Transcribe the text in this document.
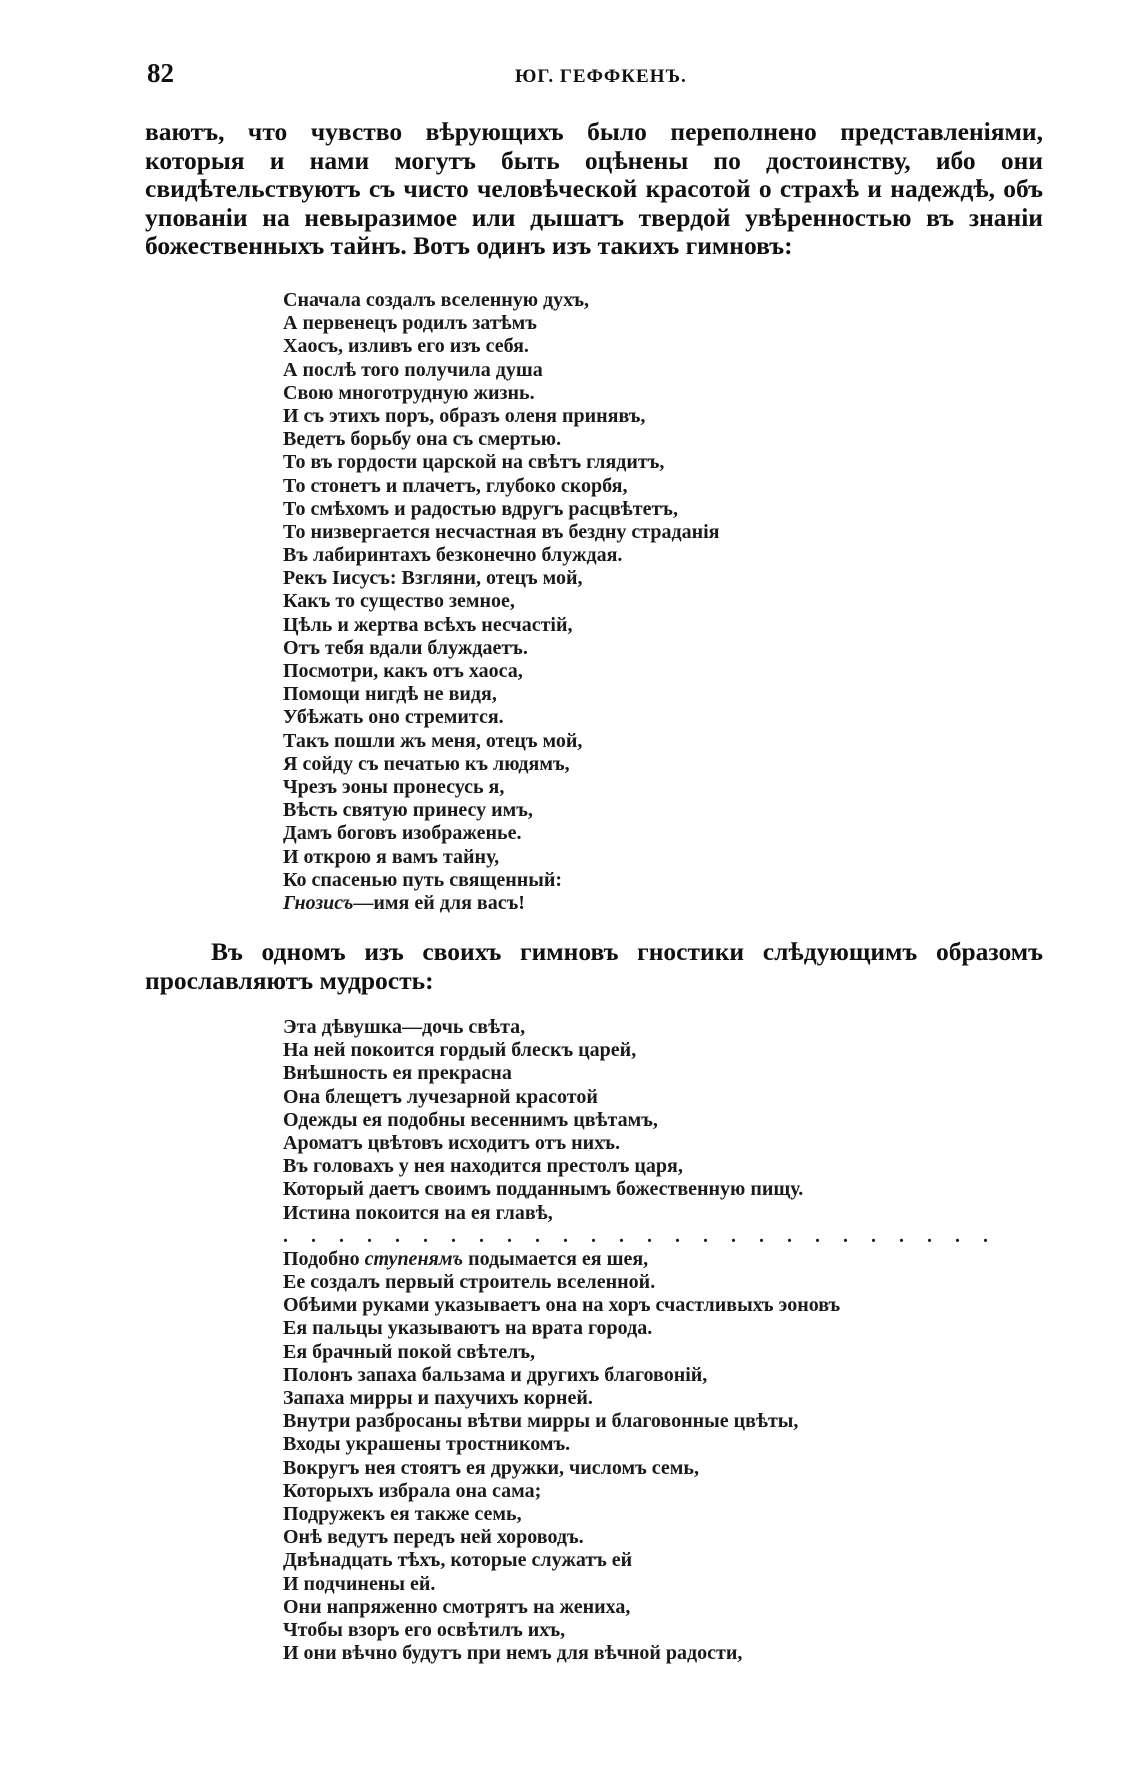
82	ЮГ. ГЕФФКЕНЪ.

ваютъ, что чувство вѣрующихъ было переполнено представленіями, которыя и нами могутъ быть оцѣнены по достоинству, ибо они свидѣтельствуютъ съ чисто человѣческой красотой о страхѣ и надеждѣ, объ упованіи на невыразимое или дышатъ твердой увѣренностью въ знаніи божественныхъ тайнъ. Вотъ одинъ изъ такихъ гимновъ:

Сначала создалъ вселенную духъ,
А первенецъ родилъ затѣмъ
Хаосъ, изливъ его изъ себя.
А послѣ того получила душа
Свою многотрудную жизнь.
И съ этихъ поръ, образъ оленя принявъ,
Ведетъ борьбу она съ смертью.
То въ гордости царской на свѣтъ глядитъ,
То стонетъ и плачетъ, глубоко скорбя,
То смѣхомъ и радостью вдругъ расцвѣтетъ,
То низвергается несчастная въ бездну страданія
Въ лабиринтахъ безконечно блуждая.
Рекъ Іисусъ: Взгляни, отецъ мой,
Какъ то существо земное,
Цѣль и жертва всѣхъ несчастій,
Отъ тебя вдали блуждаетъ.
Посмотри, какъ отъ хаоса,
Помощи нигдѣ не видя,
Убѣжать оно стремится.
Такъ пошли жъ меня, отецъ мой,
Я сойду съ печатью къ людямъ,
Чрезъ эоны пронесусь я,
Вѣсть святую принесу имъ,
Дамъ боговъ изображенье.
И открою я вамъ тайну,
Ко спасенью путь священный:
Гнозисъ—имя ей для васъ!

Въ одномъ изъ своихъ гимновъ гностики слѣдующимъ образомъ прославляютъ мудрость:

Эта дѣвушка—дочь свѣта,
На ней покоится гордый блескъ царей,
Внѣшность ея прекрасна
Она блещетъ лучезарной красотой
Одежды ея подобны весеннимъ цвѣтамъ,
Ароматъ цвѣтовъ исходитъ отъ нихъ.
Въ головахъ у нея находится престолъ царя,
Который даетъ своимъ подданнымъ божественную пищу.
Истина покоится на ея главѣ,
. . . . . . . . . . . . . . . . . . . . . . . . . .
Подобно ступенямъ подымается ея шея,
Ее создалъ первый строитель вселенной.
Обѣими руками указываетъ она на хоръ счастливыхъ эоновъ
Ея пальцы указываютъ на врата города.
Ея брачный покой свѣтелъ,
Полонъ запаха бальзама и другихъ благовоній,
Запаха мирры и пахучихъ корней.
Внутри разбросаны вѣтви мирры и благовонные цвѣты,
Входы украшены тростникомъ.
Вокругъ нея стоятъ ея дружки, числомъ семь,
Которыхъ избрала она сама;
Подружекъ ея также семь,
Онѣ ведутъ передъ ней хороводъ.
Двѣнадцать тѣхъ, которые служатъ ей
И подчинены ей.
Они напряженно смотрятъ на жениха,
Чтобы взоръ его освѣтилъ ихъ,
И они вѣчно будутъ при немъ для вѣчной радости,
